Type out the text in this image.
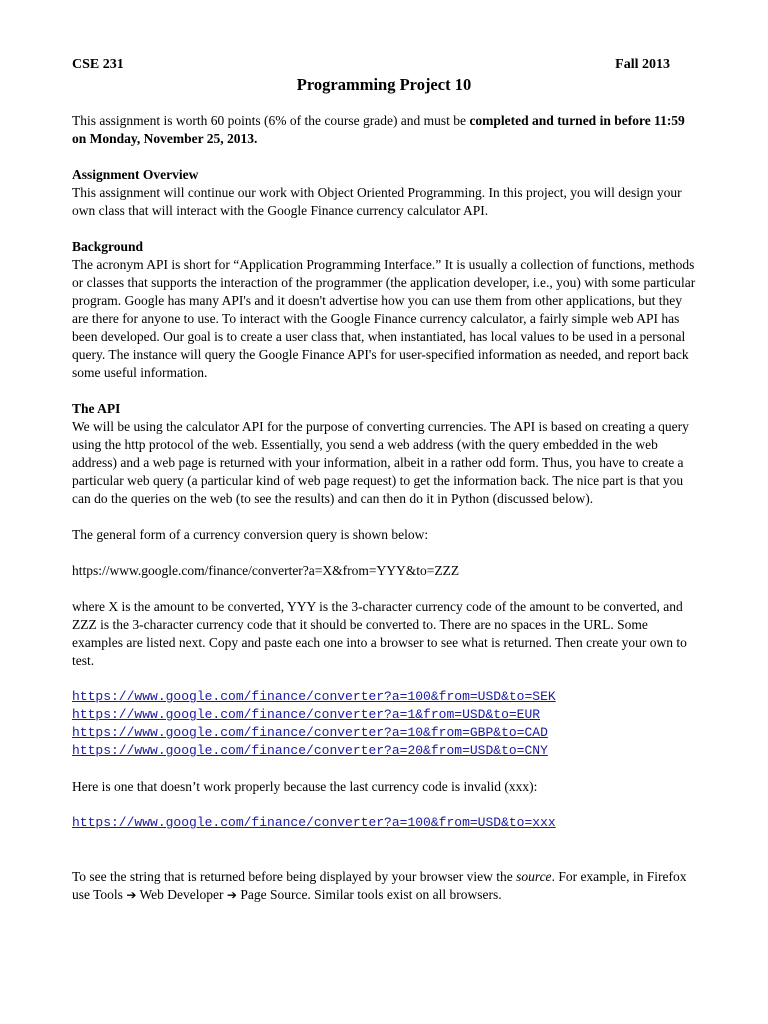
CSE 231	Fall 2013
Programming Project 10

This assignment is worth 60 points (6% of the course grade) and must be completed and turned in before 11:59 on Monday, November 25, 2013.

Assignment Overview

This assignment will continue our work with Object Oriented Programming. In this project, you will design your own class that will interact with the Google Finance currency calculator API.

Background

The acronym API is short for “Application Programming Interface.” It is usually a collection of functions, methods or classes that supports the interaction of the programmer (the application developer, i.e., you) with some particular program. Google has many API's and it doesn't advertise how you can use them from other applications, but they are there for anyone to use. To interact with the Google Finance currency calculator, a fairly simple web API has been developed. Our goal is to create a user class that, when instantiated, has local values to be used in a personal query. The instance will query the Google Finance API's for user-specified information as needed, and report back some useful information.

The API

We will be using the calculator API for the purpose of converting currencies. The API is based on creating a query using the http protocol of the web. Essentially, you send a web address (with the query embedded in the web address) and a web page is returned with your information, albeit in a rather odd form. Thus, you have to create a particular web query (a particular kind of web page request) to get the information back. The nice part is that you can do the queries on the web (to see the results) and can then do it in Python (discussed below).

The general form of a currency conversion query is shown below:

https://www.google.com/finance/converter?a=X&from=YYY&to=ZZZ

where X is the amount to be converted, YYY is the 3-character currency code of the amount to be converted, and ZZZ is the 3-character currency code that it should be converted to. There are no spaces in the URL. Some examples are listed next. Copy and paste each one into a browser to see what is returned. Then create your own to test.

https://www.google.com/finance/converter?a=100&from=USD&to=SEK
https://www.google.com/finance/converter?a=1&from=USD&to=EUR
https://www.google.com/finance/converter?a=10&from=GBP&to=CAD
https://www.google.com/finance/converter?a=20&from=USD&to=CNY

Here is one that doesn’t work properly because the last currency code is invalid (xxx):

https://www.google.com/finance/converter?a=100&from=USD&to=xxx

To see the string that is returned before being displayed by your browser view the source. For example, in Firefox use Tools ➔ Web Developer ➔ Page Source. Similar tools exist on all browsers.
